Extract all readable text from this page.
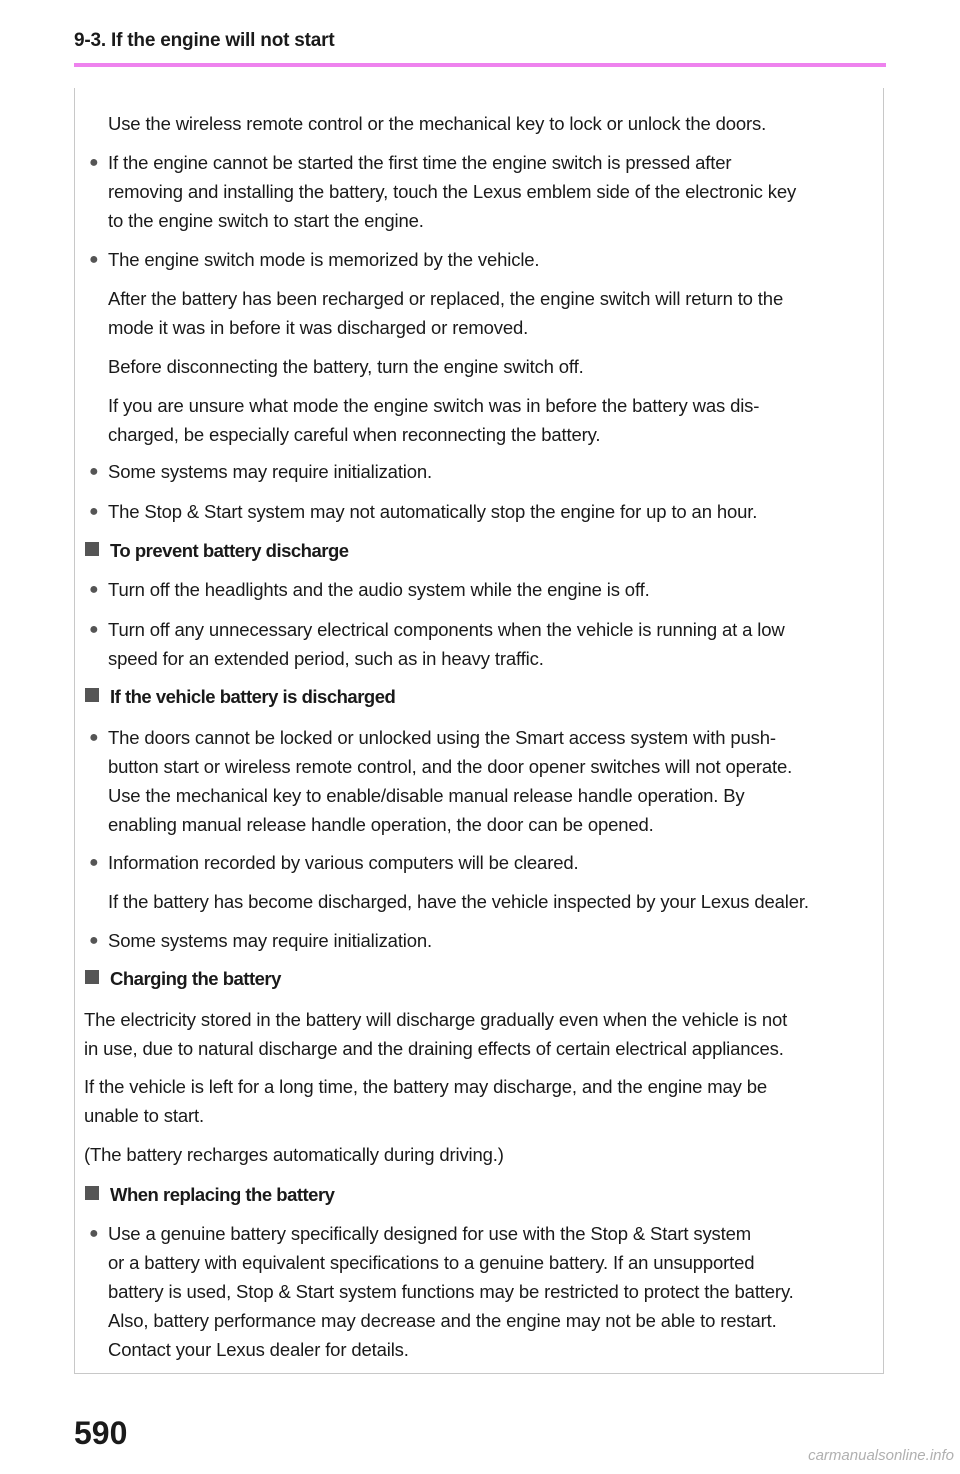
9-3. If the engine will not start
Use the wireless remote control or the mechanical key to lock or unlock the doors.
● If the engine cannot be started the first time the engine switch is pressed after
removing and installing the battery, touch the Lexus emblem side of the electronic key
to the engine switch to start the engine.
● The engine switch mode is memorized by the vehicle.
After the battery has been recharged or replaced, the engine switch will return to the
mode it was in before it was discharged or removed.
Before disconnecting the battery, turn the engine switch off.
If you are unsure what mode the engine switch was in before the battery was dis-
charged, be especially careful when reconnecting the battery.
● Some systems may require initialization.
● The Stop & Start system may not automatically stop the engine for up to an hour.
To prevent battery discharge
● Turn off the headlights and the audio system while the engine is off.
● Turn off any unnecessary electrical components when the vehicle is running at a low
speed for an extended period, such as in heavy traffic.
If the vehicle battery is discharged
● The doors cannot be locked or unlocked using the Smart access system with push-
button start or wireless remote control, and the door opener switches will not operate.
Use the mechanical key to enable/disable manual release handle operation. By
enabling manual release handle operation, the door can be opened.
● Information recorded by various computers will be cleared.
If the battery has become discharged, have the vehicle inspected by your Lexus dealer.
● Some systems may require initialization.
Charging the battery
The electricity stored in the battery will discharge gradually even when the vehicle is not
in use, due to natural discharge and the draining effects of certain electrical appliances.
If the vehicle is left for a long time, the battery may discharge, and the engine may be
unable to start.
(The battery recharges automatically during driving.)
When replacing the battery
● Use a genuine battery specifically designed for use with the Stop & Start system
or a battery with equivalent specifications to a genuine battery. If an unsupported
battery is used, Stop & Start system functions may be restricted to protect the battery.
Also, battery performance may decrease and the engine may not be able to restart.
Contact your Lexus dealer for details.
590
carmanualsonline.info
